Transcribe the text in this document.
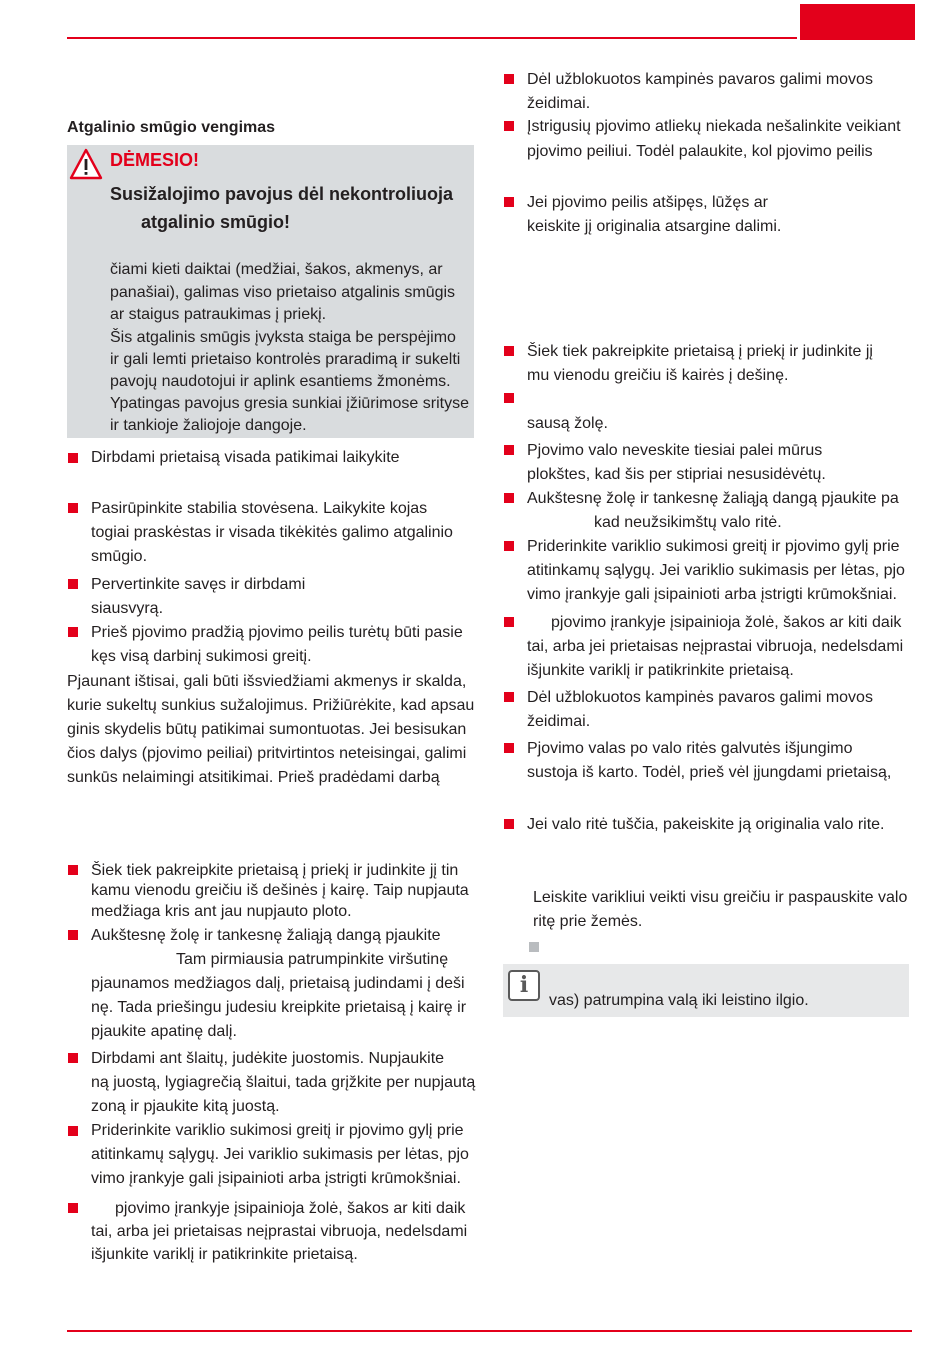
Atgalinio smūgio vengimas
DĖMESIO!
Susižalojimo pavojus dėl nekontroliuoja
atgalinio smūgio!
čiami kieti daiktai (medžiai, šakos, akmenys, ar
panašiai), galimas viso prietaiso atgalinis smūgis
ar staigus patraukimas į priekį.
Šis atgalinis smūgis įvyksta staiga be perspėjimo
ir gali lemti prietaiso kontrolės praradimą ir sukelti
pavojų naudotojui ir aplink esantiems žmonėms.
Ypatingas pavojus gresia sunkiai įžiūrimose srityse
ir tankioje žaliojoje dangoje.
Dirbdami prietaisą visada patikimai laikykite
Pasirūpinkite stabilia stovėsena. Laikykite kojas
togiai praskėstas ir visada tikėkitės galimo atgalinio
smūgio.
Pervertinkite savęs ir dirbdami
siausvyrą.
Prieš pjovimo pradžią pjovimo peilis turėtų būti pasie
kęs visą darbinį sukimosi greitį.
Pjaunant ištisai, gali būti išsviedžiami akmenys ir skalda,
kurie sukeltų sunkius sužalojimus. Prižiūrėkite, kad apsau
ginis skydelis būtų patikimai sumontuotas. Jei besisukan
čios dalys (pjovimo peiliai) pritvirtintos neteisingai, galimi
sunkūs nelaimingi atsitikimai. Prieš pradėdami darbą
Šiek tiek pakreipkite prietaisą į priekį ir judinkite jį tin
kamu vienodu greičiu iš dešinės į kairę. Taip nupjauta
medžiaga kris ant jau nupjauto ploto.
Aukštesnę žolę ir tankesnę žaliąją dangą pjaukite
Tam pirmiausia patrumpinkite viršutinę
pjaunamos medžiagos dalį, prietaisą judindami į deši
nę. Tada priešingu judesiu kreipkite prietaisą į kairę ir
pjaukite apatinę dalį.
Dirbdami ant šlaitų, judėkite juostomis. Nupjaukite
ną juostą, lygiagrečią šlaitui, tada grįžkite per nupjautą
zoną ir pjaukite kitą juostą.
Priderinkite variklio sukimosi greitį ir pjovimo gylį prie
atitinkamų sąlygų. Jei variklio sukimasis per lėtas, pjo
vimo įrankyje gali įsipainioti arba įstrigti krūmokšniai.
pjovimo įrankyje įsipainioja žolė, šakos ar kiti daik
tai, arba jei prietaisas neįprastai vibruoja, nedelsdami
išjunkite variklį ir patikrinkite prietaisą.
Dėl užblokuotos kampinės pavaros galimi movos
žeidimai.
Įstrigusių pjovimo atliekų niekada nešalinkite veikiant
pjovimo peiliui. Todėl palaukite, kol pjovimo peilis
Jei pjovimo peilis atšipęs, lūžęs ar
keiskite jį originalia atsargine dalimi.
Šiek tiek pakreipkite prietaisą į priekį ir judinkite jį
mu vienodu greičiu iš kairės į dešinę.
sausą žolę.
Pjovimo valo neveskite tiesiai palei mūrus
plokštes, kad šis per stipriai nesusidėvėtų.
Aukštesnę žolę ir tankesnę žaliąją dangą pjaukite pa
kad neužsikimštų valo ritė.
Priderinkite variklio sukimosi greitį ir pjovimo gylį prie
atitinkamų sąlygų. Jei variklio sukimasis per lėtas, pjo
vimo įrankyje gali įsipainioti arba įstrigti krūmokšniai.
pjovimo įrankyje įsipainioja žolė, šakos ar kiti daik
tai, arba jei prietaisas neįprastai vibruoja, nedelsdami
išjunkite variklį ir patikrinkite prietaisą.
Dėl užblokuotos kampinės pavaros galimi movos
žeidimai.
Pjovimo valas po valo ritės galvutės išjungimo
sustoja iš karto. Todėl, prieš vėl įjungdami prietaisą,
Jei valo ritė tuščia, pakeiskite ją originalia valo rite.
Leiskite varikliui veikti visu greičiu ir paspauskite valo
ritę prie žemės.
i
vas) patrumpina valą iki leistino ilgio.
